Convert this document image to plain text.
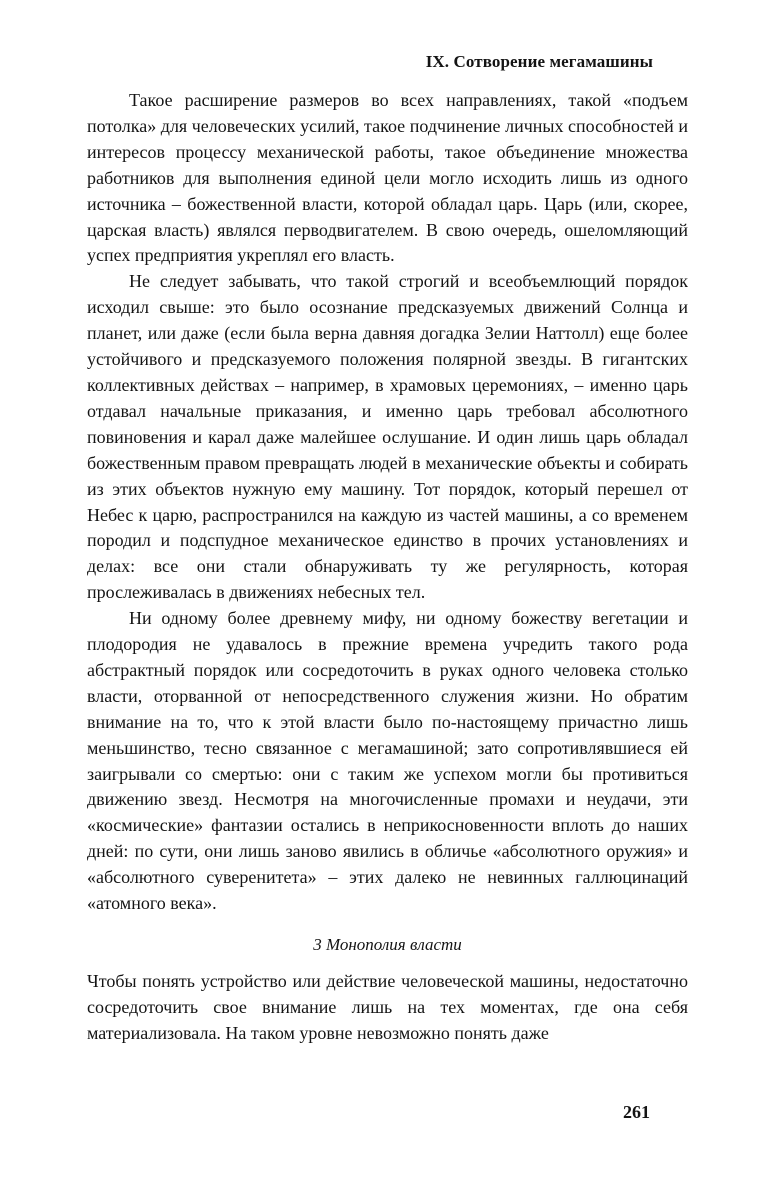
IX. Сотворение мегамашины

Такое расширение размеров во всех направлениях, такой «подъем потолка» для человеческих усилий, такое подчинение личных способностей и интересов процессу механической работы, такое объединение множества работников для выполнения единой цели могло исходить лишь из одного источника – божественной власти, которой обладал царь. Царь (или, скорее, царская власть) являлся перводвигателем. В свою очередь, ошеломляющий успех предприятия укреплял его власть.

Не следует забывать, что такой строгий и всеобъемлющий порядок исходил свыше: это было осознание предсказуемых движений Солнца и планет, или даже (если была верна давняя догадка Зелии Наттолл) еще более устойчивого и предсказуемого положения полярной звезды. В гигантских коллективных действах – например, в храмовых церемониях, – именно царь отдавал начальные приказания, и именно царь требовал абсолютного повиновения и карал даже малейшее ослушание. И один лишь царь обладал божественным правом превращать людей в механические объекты и собирать из этих объектов нужную ему машину. Тот порядок, который перешел от Небес к царю, распространился на каждую из частей машины, а со временем породил и подспудное механическое единство в прочих установлениях и делах: все они стали обнаруживать ту же регулярность, которая прослеживалась в движениях небесных тел.

Ни одному более древнему мифу, ни одному божеству вегетации и плодородия не удавалось в прежние времена учредить такого рода абстрактный порядок или сосредоточить в руках одного человека столько власти, оторванной от непосредственного служения жизни. Но обратим внимание на то, что к этой власти было по-настоящему причастно лишь меньшинство, тесно связанное с мегамашиной; зато сопротивлявшиеся ей заигрывали со смертью: они с таким же успехом могли бы противиться движению звезд. Несмотря на многочисленные промахи и неудачи, эти «космические» фантазии остались в неприкосновенности вплоть до наших дней: по сути, они лишь заново явились в обличье «абсолютного оружия» и «абсолютного суверенитета» – этих далеко не невинных галлюцинаций «атомного века».

3 Монополия власти

Чтобы понять устройство или действие человеческой машины, недостаточно сосредоточить свое внимание лишь на тех моментах, где она себя материализовала. На таком уровне невозможно понять даже

261
